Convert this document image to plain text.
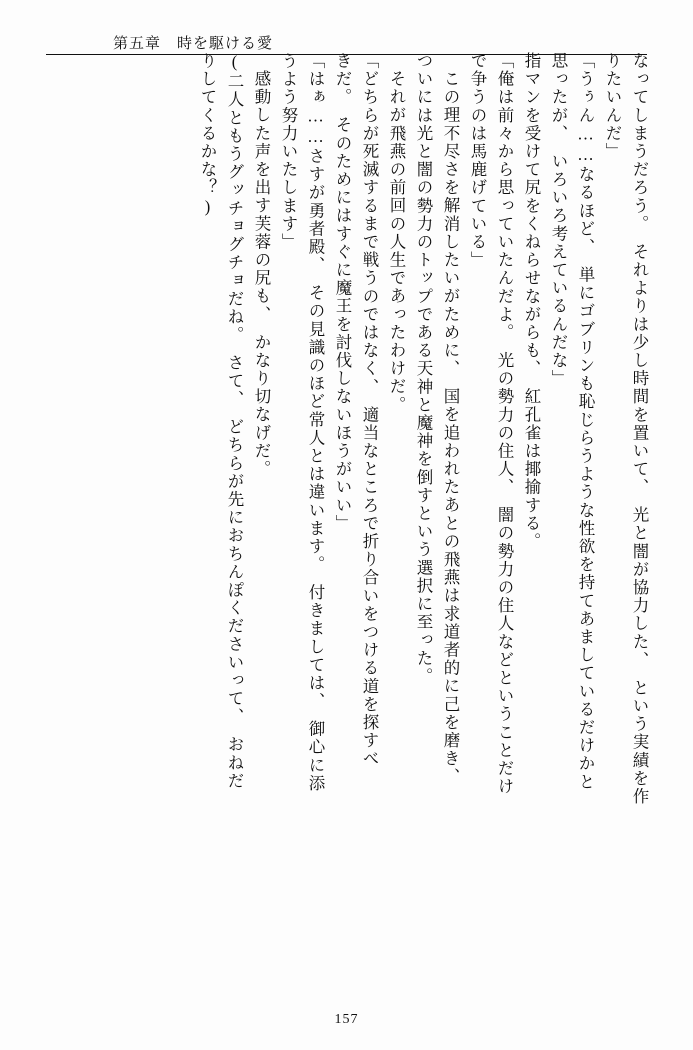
第五章　時を駆ける愛
なってしまうだろう。　それよりは少し時間を置いて、　光と闇が協力した、　という実績を作
りたいんだ」
「うぅん……なるほど、　単にゴブリンも恥じらうような性欲を持てあましているだけかと
思ったが、　いろいろ考えているんだな」
指マンを受けて尻をくねらせながらも、　紅孔雀は揶揄する。
「俺は前々から思っていたんだよ。　光の勢力の住人、　闇の勢力の住人などということだけ
で争うのは馬鹿げている」
この理不尽さを解消したいがために、　国を追われたあとの飛燕は求道者的に己を磨き、
ついには光と闇の勢力のトップである天神と魔神を倒すという選択に至った。
それが飛燕の前回の人生であったわけだ。
「どちらが死滅するまで戦うのではなく、　適当なところで折り合いをつける道を探すべ
きだ。　そのためにはすぐに魔王を討伐しないほうがいい」
「はぁ……さすが勇者殿、　その見識のほど常人とは違います。　付きましては、　御心に添
うよう努力いたします」
感動した声を出す芙蓉の尻も、　かなり切なげだ。
(二人ともうグッチョグチョだね。　さて、　どちらが先におちんぽくださいって、　おねだ
りしてくるかな？)
157
